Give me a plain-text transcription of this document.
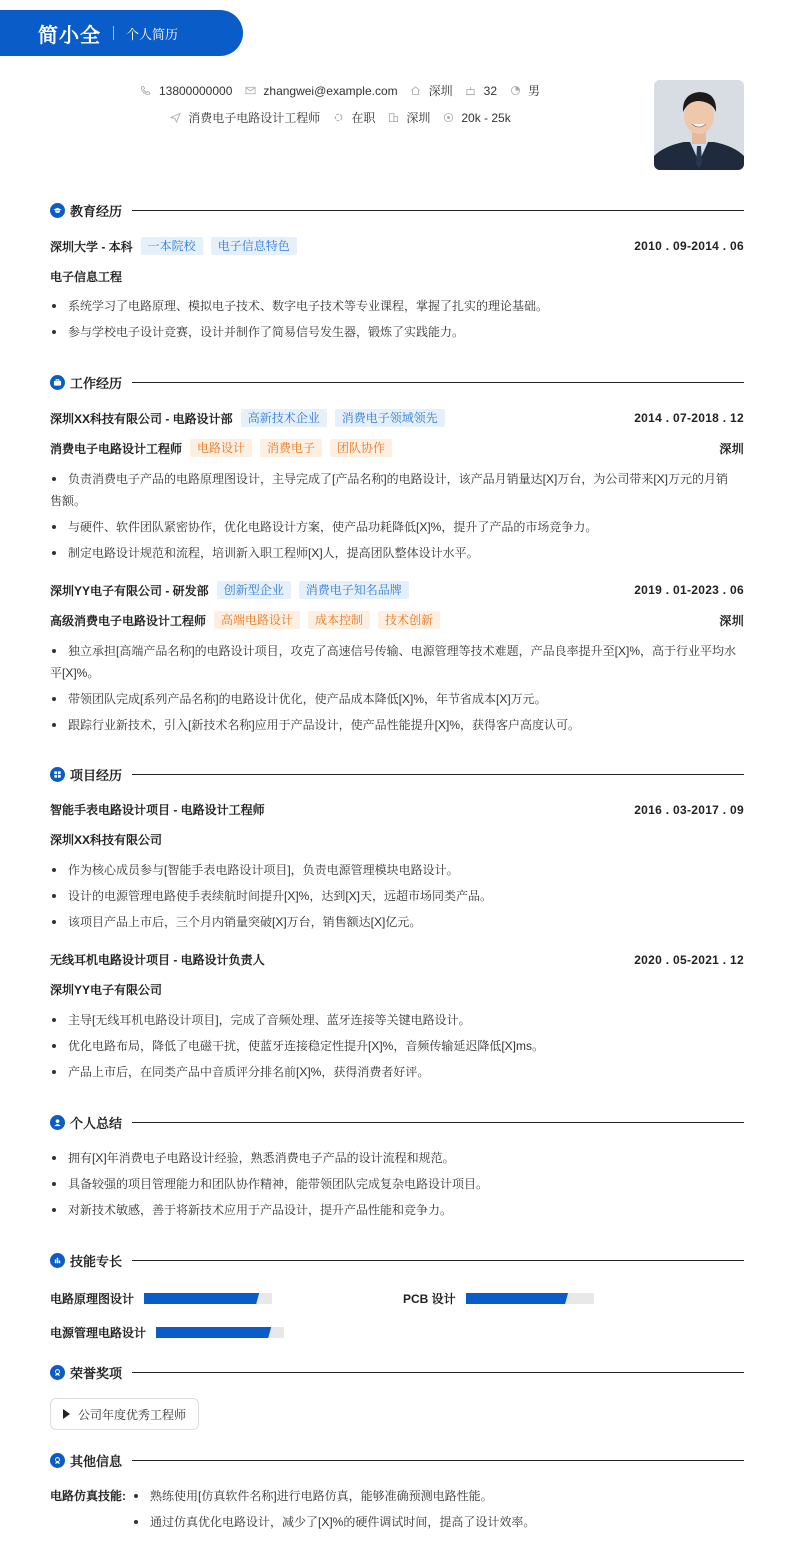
简小全 个人简历
13800000000	zhangwei@example.com	深圳	32	男
消费电子电路设计工程师	在职	深圳	20k - 25k
教育经历
深圳大学 - 本科	一本院校	电子信息特色	2010 . 09-2014 . 06
电子信息工程
系统学习了电路原理、模拟电子技术、数字电子技术等专业课程，掌握了扎实的理论基础。
参与学校电子设计竞赛，设计并制作了简易信号发生器，锻炼了实践能力。
工作经历
深圳XX科技有限公司 - 电路设计部	高新技术企业	消费电子领域领先	2014 . 07-2018 . 12
消费电子电路设计工程师	电路设计	消费电子	团队协作	深圳
负责消费电子产品的电路原理图设计，主导完成了[产品名称]的电路设计，该产品月销量达[X]万台，为公司带来[X]万元的月销
售额。
与硬件、软件团队紧密协作，优化电路设计方案，使产品功耗降低[X]%，提升了产品的市场竞争力。
制定电路设计规范和流程，培训新入职工程师[X]人，提高团队整体设计水平。
深圳YY电子有限公司 - 研发部	创新型企业	消费电子知名品牌	2019 . 01-2023 . 06
高级消费电子电路设计工程师	高端电路设计	成本控制	技术创新	深圳
独立承担[高端产品名称]的电路设计项目，攻克了高速信号传输、电源管理等技术难题，产品良率提升至[X]%，高于行业平均水
平[X]%。
带领团队完成[系列产品名称]的电路设计优化，使产品成本降低[X]%，年节省成本[X]万元。
跟踪行业新技术，引入[新技术名称]应用于产品设计，使产品性能提升[X]%，获得客户高度认可。
项目经历
智能手表电路设计项目 - 电路设计工程师	2016 . 03-2017 . 09
深圳XX科技有限公司
作为核心成员参与[智能手表电路设计项目]，负责电源管理模块电路设计。
设计的电源管理电路使手表续航时间提升[X]%，达到[X]天，远超市场同类产品。
该项目产品上市后，三个月内销量突破[X]万台，销售额达[X]亿元。
无线耳机电路设计项目 - 电路设计负责人	2020 . 05-2021 . 12
深圳YY电子有限公司
主导[无线耳机电路设计项目]，完成了音频处理、蓝牙连接等关键电路设计。
优化电路布局，降低了电磁干扰，使蓝牙连接稳定性提升[X]%，音频传输延迟降低[X]ms。
产品上市后，在同类产品中音质评分排名前[X]%，获得消费者好评。
个人总结
拥有[X]年消费电子电路设计经验，熟悉消费电子产品的设计流程和规范。
具备较强的项目管理能力和团队协作精神，能带领团队完成复杂电路设计项目。
对新技术敏感，善于将新技术应用于产品设计，提升产品性能和竞争力。
技能专长
电路原理图设计	PCB 设计
电源管理电路设计
荣誉奖项
公司年度优秀工程师
其他信息
电路仿真技能:	熟练使用[仿真软件名称]进行电路仿真，能够准确预测电路性能。
通过仿真优化电路设计，减少了[X]%的硬件调试时间，提高了设计效率。
